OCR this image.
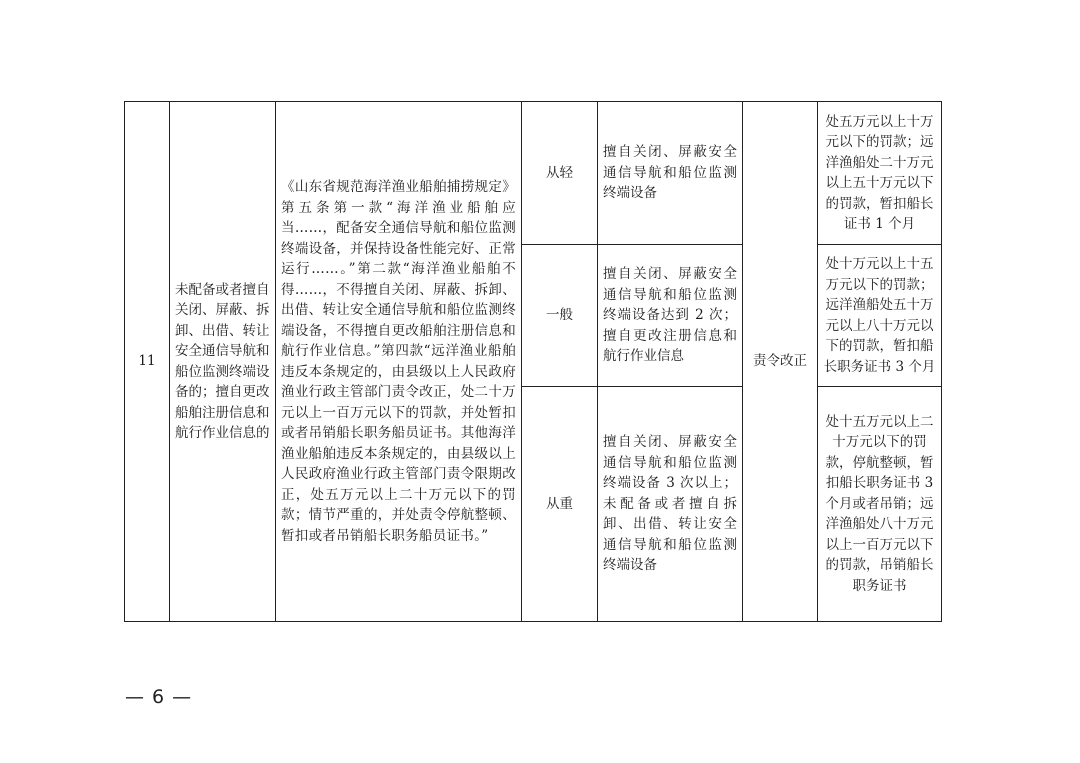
11	未配备或者擅自关闭、屏蔽、拆卸、出借、转让安全通信导航和船位监测终端设备的；擅自更改船舶注册信息和航行作业信息的	《山东省规范海洋渔业船舶捕捞规定》第五条第一款“海洋渔业船舶应当……，配备安全通信导航和船位监测终端设备，并保持设备性能完好、正常运行……。”第二款“海洋渔业船舶不得……，不得擅自关闭、屏蔽、拆卸、出借、转让安全通信导航和船位监测终端设备，不得擅自更改船舶注册信息和航行作业信息。”第四款“远洋渔业船舶违反本条规定的，由县级以上人民政府渔业行政主管部门责令改正，处二十万元以上一百万元以下的罚款，并处暂扣或者吊销船长职务船员证书。其他海洋渔业船舶违反本条规定的，由县级以上人民政府渔业行政主管部门责令限期改正，处五万元以上二十万元以下的罚款；情节严重的，并处责令停航整顿、暂扣或者吊销船长职务船员证书。”	从轻	擅自关闭、屏蔽安全通信导航和船位监测终端设备	责令改正	处五万元以上十万元以下的罚款；远洋渔船处二十万元以上五十万元以下的罚款，暂扣船长证书 1 个月
			一般	擅自关闭、屏蔽安全通信导航和船位监测终端设备达到 2 次；擅自更改注册信息和航行作业信息		处十万元以上十五万元以下的罚款；远洋渔船处五十万元以上八十万元以下的罚款，暂扣船长职务证书 3 个月
			从重	擅自关闭、屏蔽安全通信导航和船位监测终端设备 3 次以上；未配备或者擅自拆卸、出借、转让安全通信导航和船位监测终端设备		处十五万元以上二十万元以下的罚款，停航整顿，暂扣船长职务证书 3 个月或者吊销；远洋渔船处八十万元以上一百万元以下的罚款，吊销船长职务证书
— 6 —
